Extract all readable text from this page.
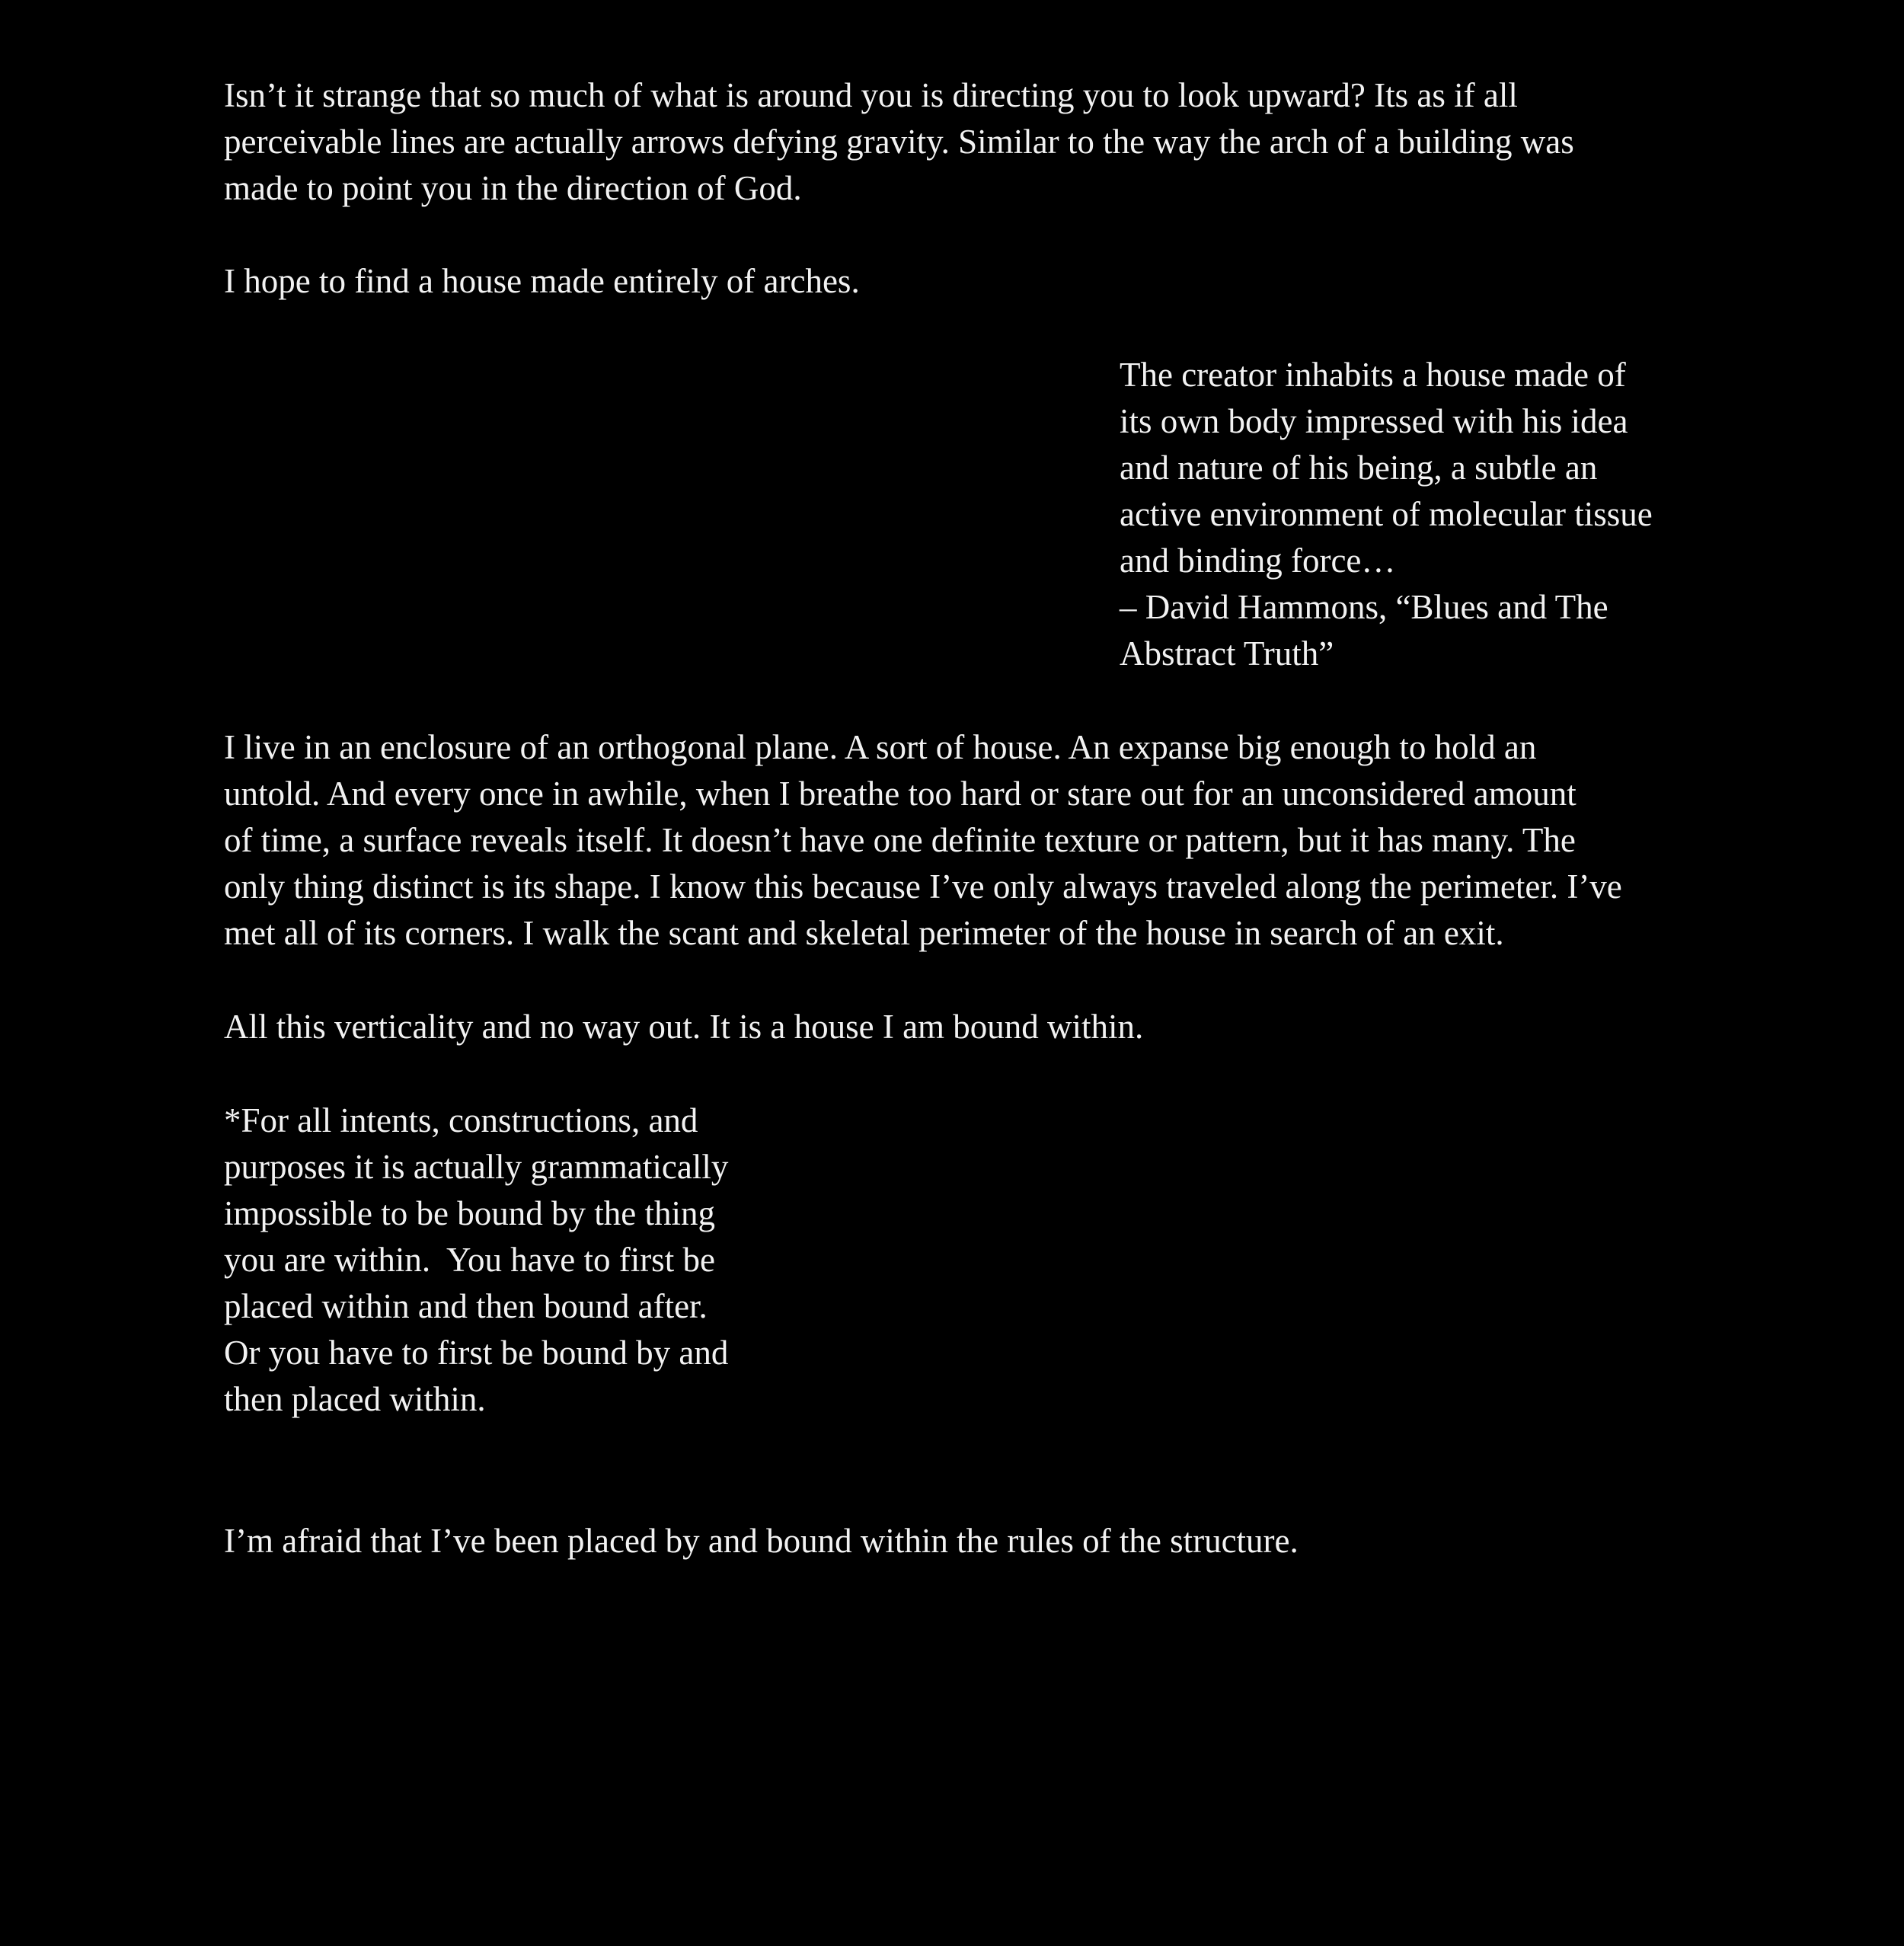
Isn’t it strange that so much of what is around you is directing you to look upward? Its as if all
perceivable lines are actually arrows defying gravity. Similar to the way the arch of a building was
made to point you in the direction of God.

I hope to find a house made entirely of arches.

The creator inhabits a house made of
its own body impressed with his idea
and nature of his being, a subtle an
active environment of molecular tissue
and binding force…
– David Hammons, “Blues and The
Abstract Truth”

I live in an enclosure of an orthogonal plane. A sort of house. An expanse big enough to hold an
untold. And every once in awhile, when I breathe too hard or stare out for an unconsidered amount
of time, a surface reveals itself. It doesn’t have one definite texture or pattern, but it has many. The
only thing distinct is its shape. I know this because I’ve only always traveled along the perimeter. I’ve
met all of its corners. I walk the scant and skeletal perimeter of the house in search of an exit.

All this verticality and no way out. It is a house I am bound within.

*For all intents, constructions, and
purposes it is actually grammatically
impossible to be bound by the thing
you are within.  You have to first be
placed within and then bound after.
Or you have to first be bound by and
then placed within.

I’m afraid that I’ve been placed by and bound within the rules of the structure.
